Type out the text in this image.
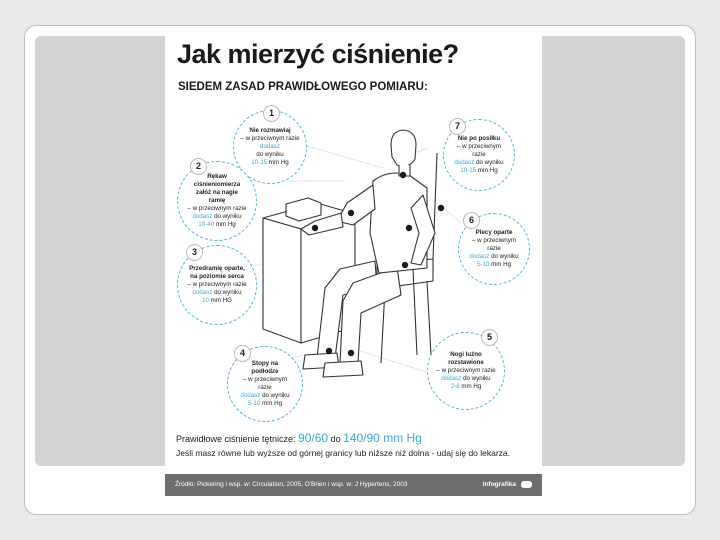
Jak mierzyć ciśnienie?
SIEDEM ZASAD PRAWIDŁOWEGO POMIARU:
1
Nie rozmawiaj
– w przeciwnym razie
dodasz
do wyniku
10-15 mm Hg
2
Rękaw ciśnieniomierza załóż na nagie ramię
– w przeciwnym razie
dodasz do wyniku
10-40 mm Hg
3
Przedramię oparte, na poziomie serca
– w przeciwnym razie
dodasz do wyniku
10 mm HG
4
Stopy na podłodze
– w przeciwnym razie
dodasz do wyniku
5-10 mm Hg
5
Nogi luźno rozstawione
– w przeciwnym razie
dodasz do wyniku
2-8 mm Hg
6
Plecy oparte
– w przeciwnym razie
dodasz do wyniku
5-10 mm Hg
7
Nie po posiłku
– w przeciwnym razie
dodasz do wyniku
10-15 mm Hg
Prawidłowe ciśnienie tętnicze: 90/60 do 140/90 mm Hg
Jeśli masz równe lub wyższe od górnej granicy lub niższe niż dolna - udaj się do lekarza.
Źródło: Pickering i wsp. w: Circulation, 2005, O'Brien i wsp. w: J Hypertens, 2003	Infografika
